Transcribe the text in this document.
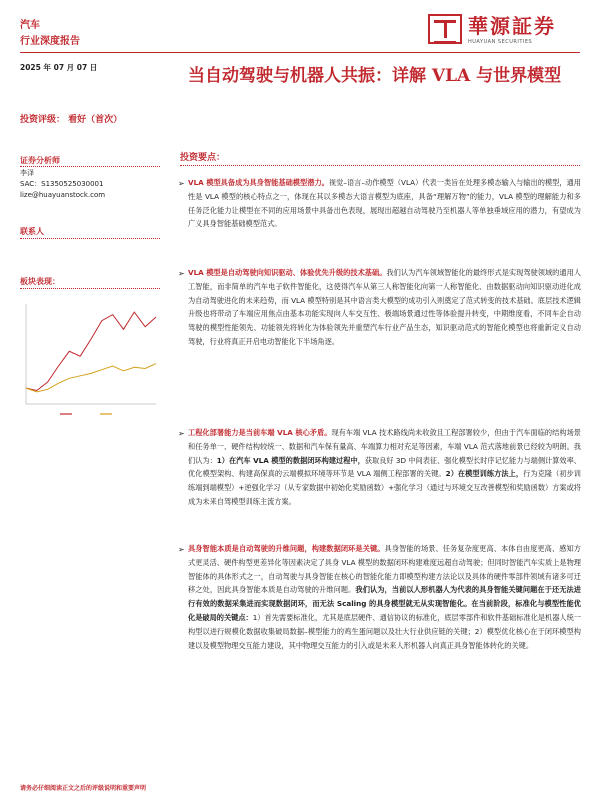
汽车
行业深度报告
華源証券
HUAYUAN SECURITIES
2025 年 07 月 07 日	当自动驾驶与机器人共振：详解 VLA 与世界模型
投资评级： 看好（首次）
证券分析师
李泽
SAC：S1350525030001
lize@huayuanstock.com
联系人
板块表现：
投资要点：
➢ VLA 模型具备成为具身智能基础模型潜力。视觉–语言–动作模型（VLA）代表一类旨在处理多模态输入与输出的模型，通用性是 VLA 模型的核心特点之一，体现在其以多模态大语言模型为底座，具备“理解万物”的能力，VLA 模型的理解能力和多任务泛化能力让模型在不同的应用场景中具备出色表现，展现出超越自动驾驶乃至机器人等单独垂域应用的潜力，有望成为广义具身智能基础模型范式。
➢ VLA 模型是自动驾驶向知识驱动、体验优先升级的技术基础。我们认为汽车领域智能化的最终形式是实现驾驶领域的通用人工智能，而非简单的汽车电子软件智能化，这使得汽车从第三人称智能化向第一人称智能化、由数据驱动向知识驱动进化成为自动驾驶进化的未来趋势，而 VLA 模型特别是其中语言类大模型的成功引入则奠定了范式转变的技术基础。底层技术逻辑升级也将带动了车端应用焦点由基本功能实现向人车交互性、极端场景通过性等体验提升转变，中期维度看，不同车企自动驾驶的模型性能领先、功能领先将转化为体验领先并重塑汽车行业产品生态，知识驱动范式的智能化模型也将重新定义自动驾驶，行业将真正开启电动智能化下半场角逐。
➢ 工程化部署能力是当前车端 VLA 核心矛盾。现有车端 VLA 技术路线尚未收敛且工程部署较少，但由于汽车面临的结构场景和任务单一、硬件结构较统一、数据和汽车保有量高、车端算力相对充足等因素，车端 VLA 范式落地前景已经较为明朗。我们认为：1）在汽车 VLA 模型的数据闭环构建过程中，获取良好 3D 中间表征、强化模型长时序记忆能力与端侧计算效率、优化模型架构、构建高保真的云端模拟环境等环节是 VLA 端侧工程部署的关键。2）在模型训练方法上，行为克隆（初步训练端到端模型）+逆强化学习（从专家数据中初始化奖励函数）+强化学习（通过与环境交互改善模型和奖励函数）方案或将成为未来自驾模型训练主流方案。
➢ 具身智能本质是自动驾驶的升维问题，构建数据闭环是关键。具身智能的场景、任务复杂度更高、本体自由度更高、感知方式更灵活、硬件构型更差异化等因素决定了具身 VLA 模型的数据闭环构建难度远超自动驾驶；但同时智能汽车实质上是物理智能体的具体形式之一，自动驾驶与具身智能在核心的智能化能力即模型构建方法论以及具体的硬件零部件领域有诸多可迁移之处，因此具身智能本质是自动驾驶的升维问题。我们认为，当前以人形机器人为代表的具身智能关键问题在于还无法进行有效的数据采集进而实现数据闭环，而无法 Scaling 的具身模型就无从实现智能化。在当前阶段，标准化与模型性能优化是破局的关键点：1）首先需要标准化，尤其是底层硬件、通信协议的标准化，底层零部件和软件基础标准化是机器人统一构型以进行规模化数据收集破局数据–模型能力的鸡生蛋问题以及壮大行业供应链的关键；2）模型优化核心在于闭环模型构建以及模型物理交互能力建设，其中物理交互能力的引入或是未来人形机器人向真正具身智能体转化的关键。
请务必仔细阅读正文之后的评级说明和重要声明
